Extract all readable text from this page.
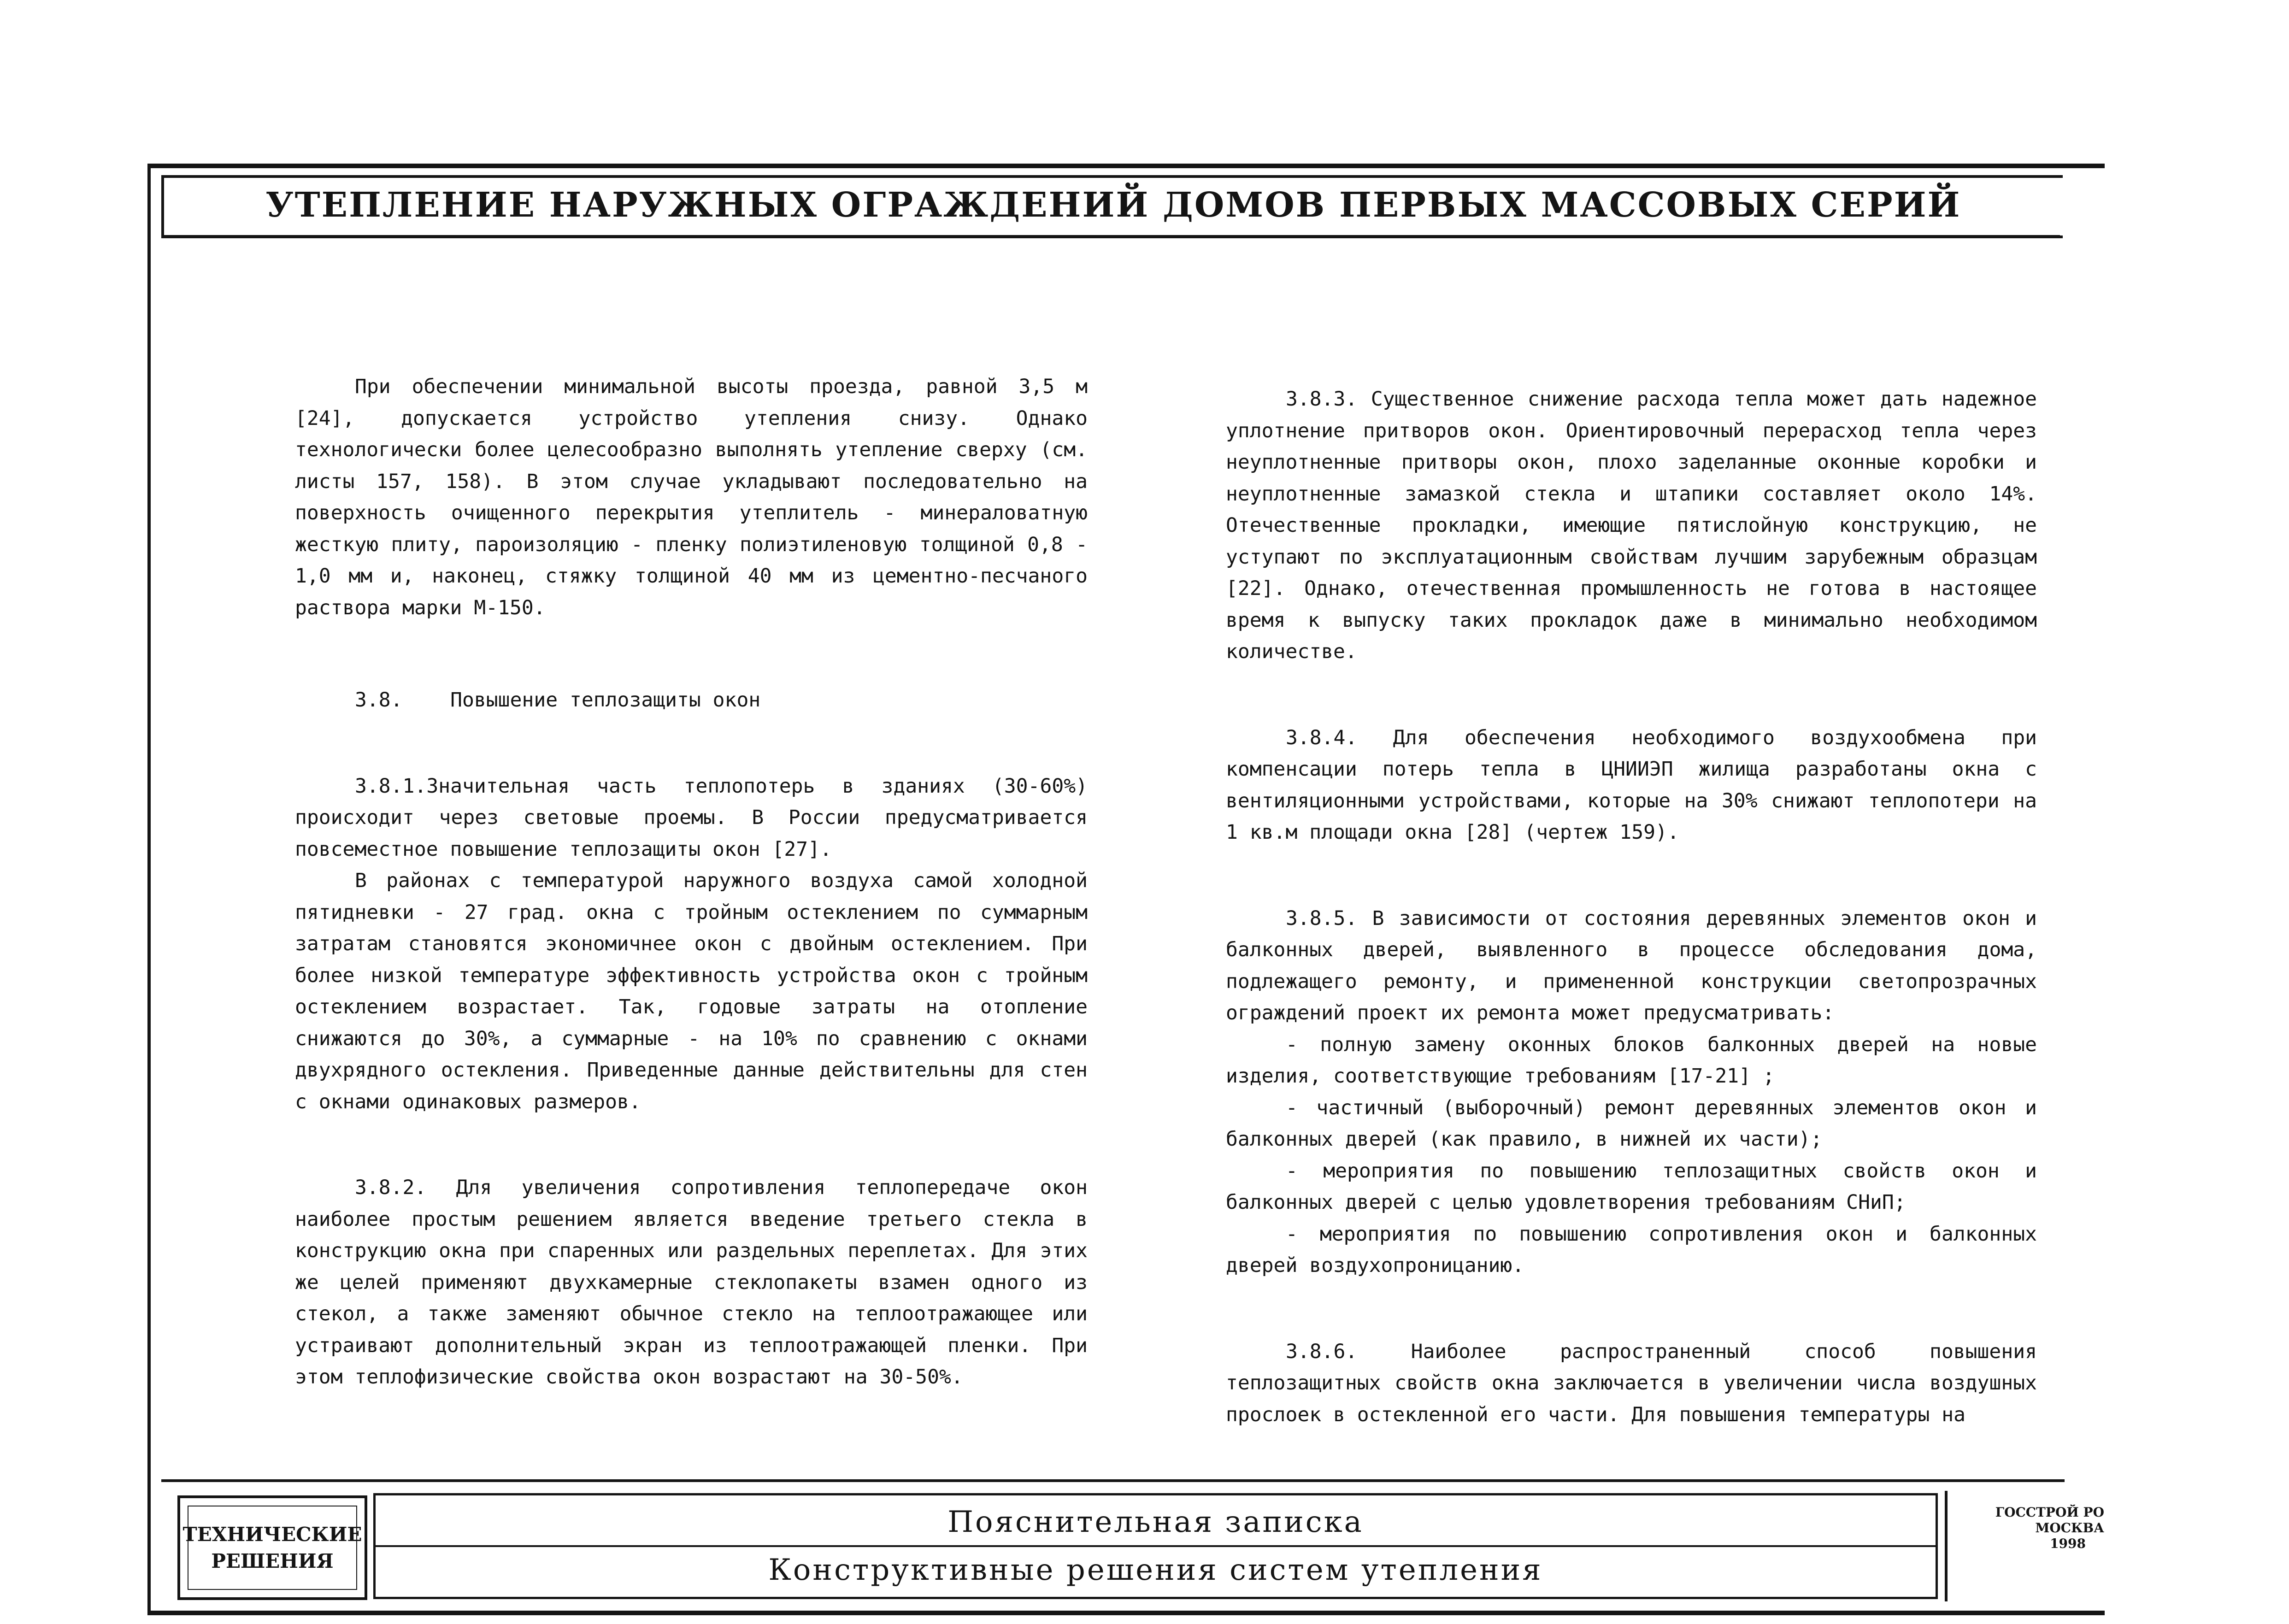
УТЕПЛЕНИЕ НАРУЖНЫХ ОГРАЖДЕНИЙ ДОМОВ ПЕРВЫХ МАССОВЫХ СЕРИЙ

При обеспечении минимальной высоты проезда, равной 3,5 м [24], допускается устройство утепления снизу. Однако технологически более целесообразно выполнять утепление сверху (см. листы 157, 158). В этом случае укладывают последовательно на поверхность очищенного перекрытия утеплитель - минераловатную жесткую плиту, пароизоляцию - пленку полиэтиленовую толщиной 0,8 - 1,0 мм и, наконец, стяжку толщиной 40 мм из цементно-песчаного раствора марки М-150.

3.8. Повышение теплозащиты окон

3.8.1.Значительная часть теплопотерь в зданиях (30-60%) происходит через световые проемы. В России предусматривается повсеместное повышение теплозащиты окон [27].

В районах с температурой наружного воздуха самой холодной пятидневки - 27 град. окна с тройным остеклением по суммарным затратам становятся экономичнее окон с двойным остеклением. При более низкой температуре эффективность устройства окон с тройным остеклением возрастает. Так, годовые затраты на отопление снижаются до 30%, а суммарные - на 10% по сравнению с окнами двухрядного остекления. Приведенные данные действительны для стен с окнами одинаковых размеров.

3.8.2. Для увеличения сопротивления теплопередаче окон наиболее простым решением является введение третьего стекла в конструкцию окна при спаренных или раздельных переплетах. Для этих же целей применяют двухкамерные стеклопакеты взамен одного из стекол, а также заменяют обычное стекло на теплоотражающее или устраивают дополнительный экран из теплоотражающей пленки. При этом теплофизические свойства окон возрастают на 30-50%.

3.8.3. Существенное снижение расхода тепла может дать надежное уплотнение притворов окон. Ориентировочный перерасход тепла через неуплотненные притворы окон, плохо заделанные оконные коробки и неуплотненные замазкой стекла и штапики составляет около 14%. Отечественные прокладки, имеющие пятислойную конструкцию, не уступают по эксплуатационным свойствам лучшим зарубежным образцам [22]. Однако, отечественная промышленность не готова в настоящее время к выпуску таких прокладок даже в минимально необходимом количестве.

3.8.4. Для обеспечения необходимого воздухообмена при компенсации потерь тепла в ЦНИИЭП жилища разработаны окна с вентиляционными устройствами, которые на 30% снижают теплопотери на 1 кв.м площади окна [28] (чертеж 159).

3.8.5. В зависимости от состояния деревянных элементов окон и балконных дверей, выявленного в процессе обследования дома, подлежащего ремонту, и примененной конструкции светопрозрачных ограждений проект их ремонта может предусматривать:

- полную замену оконных блоков балконных дверей на новые изделия, соответствующие требованиям [17-21] ;

- частичный (выборочный) ремонт деревянных элементов окон и балконных дверей (как правило, в нижней их части);

- мероприятия по повышению теплозащитных свойств окон и балконных дверей с целью удовлетворения требованиям СНиП;

- мероприятия по повышению сопротивления окон и балконных дверей воздухопроницанию.

3.8.6. Наиболее распространенный способ повышения теплозащитных свойств окна заключается в увеличении числа воздушных прослоек в остекленной его части. Для повышения температуры на

ТЕХНИЧЕСКИЕ
РЕШЕНИЯ
Пояснительная записка
Конструктивные решения систем утепления
ГОССТРОЙ РО
МОСКВА
1998
